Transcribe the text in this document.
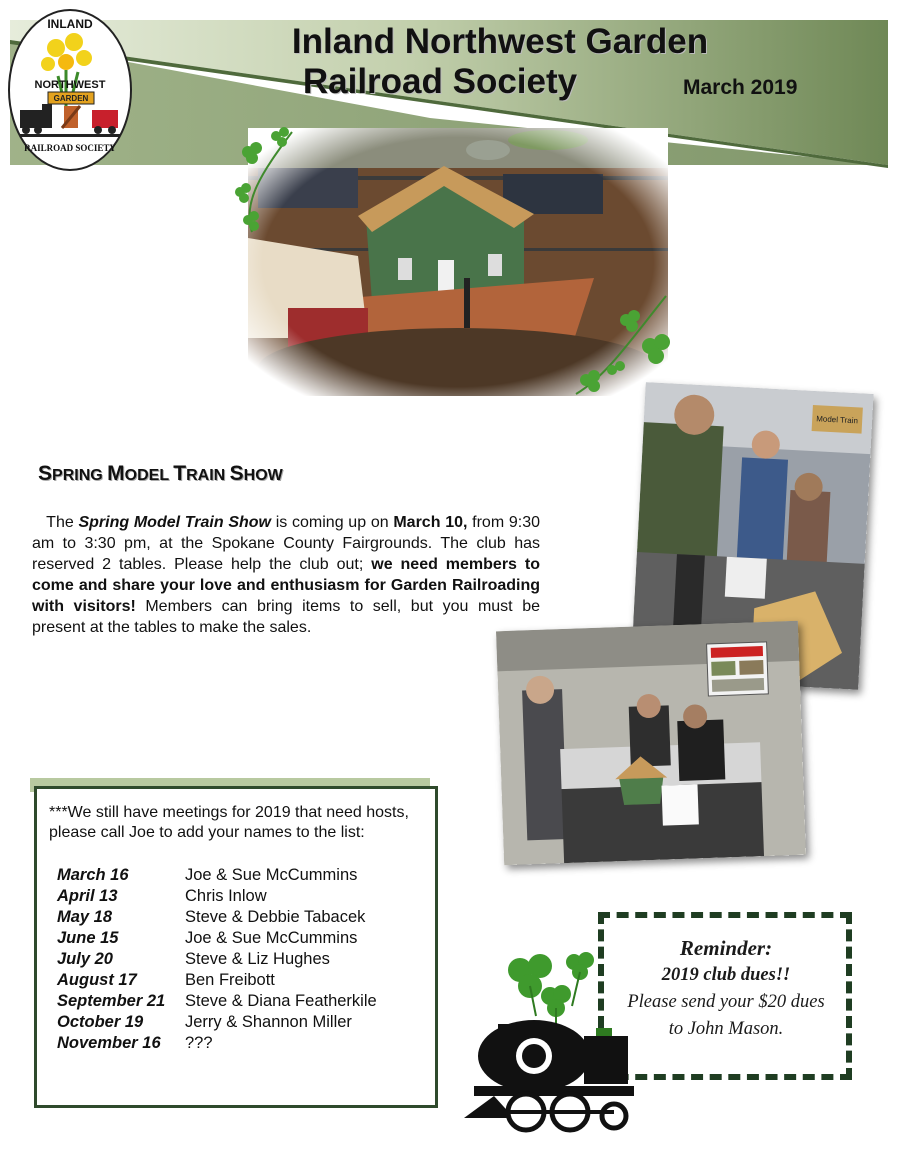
Inland Northwest Garden
Railroad Society	March 2019
INLAND
NORTHWEST
GARDEN
RAILROAD SOCIETY
Model Train
SPRING MODEL TRAIN SHOW
The Spring Model Train Show is coming up on March 10, from 9:30 am to 3:30 pm, at the Spokane County Fairgrounds. The club has reserved 2 tables. Please help the club out; we need members to come and share your love and enthusiasm for Garden Railroading with visitors! Members can bring items to sell, but you must be present at the tables to make the sales.
***We still have meetings for 2019 that need hosts, please call Joe to add your names to the list:
March 16	Joe & Sue McCummins
April 13	Chris Inlow
May 18	Steve & Debbie Tabacek
June 15	Joe & Sue McCummins
July 20	Steve & Liz Hughes
August 17	Ben Freibott
September 21	Steve & Diana Featherkile
October 19	Jerry & Shannon Miller
November 16	???
Reminder:
2019 club dues!!
Please send your $20 dues
to John Mason.
